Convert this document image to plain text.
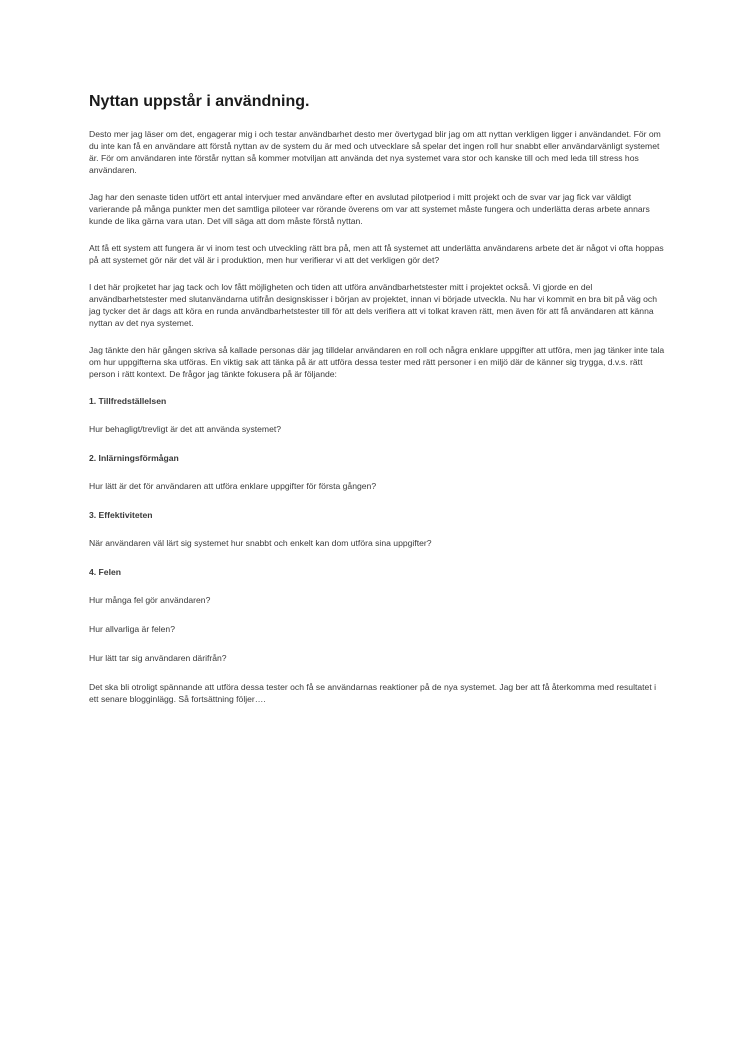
Nyttan uppstår i användning.

Desto mer jag läser om det, engagerar mig i och testar användbarhet desto mer övertygad blir jag om att nyttan verkligen ligger i användandet. För om du inte kan få en användare att förstå nyttan av de system du är med och utvecklare så spelar det ingen roll hur snabbt eller användarvänligt systemet är. För om användaren inte förstår nyttan så kommer motviljan att använda det nya systemet vara stor och kanske till och med leda till stress hos användaren.

Jag har den senaste tiden utfört ett antal intervjuer med användare efter en avslutad pilotperiod i mitt projekt och de svar var jag fick var väldigt varierande på många punkter men det samtliga piloteer var rörande överens om var att systemet måste fungera och underlätta deras arbete annars kunde de lika gärna vara utan. Det vill säga att dom måste förstå nyttan.

Att få ett system att fungera är vi inom test och utveckling rätt bra på, men att få systemet att underlätta användarens arbete det är något vi ofta hoppas på att systemet gör när det väl är i produktion, men hur verifierar vi att det verkligen gör det?

I det här projketet har jag tack och lov fått möjligheten och tiden att utföra användbarhetstester mitt i projektet också. Vi gjorde en del användbarhetstester med slutanvändarna utifrån designskisser i början av projektet, innan vi började utveckla. Nu har vi kommit en bra bit på väg och jag tycker det är dags att köra en runda användbarhetstester till för att dels verifiera att vi tolkat kraven rätt, men även för att få användaren att känna nyttan av det nya systemet.

Jag tänkte den här gången skriva så kallade personas där jag tilldelar användaren en roll och några enklare uppgifter att utföra, men jag tänker inte tala om hur uppgifterna ska utföras. En viktig sak att tänka på är att utföra dessa tester med rätt personer i en miljö där de känner sig trygga, d.v.s. rätt person i rätt kontext. De frågor jag tänkte fokusera på är följande:

1. Tillfredställelsen

Hur behagligt/trevligt är det att använda systemet?

2. Inlärningsförmågan

Hur lätt är det för användaren att utföra enklare uppgifter för första gången?

3. Effektiviteten

När användaren väl lärt sig systemet hur snabbt och enkelt kan dom utföra sina uppgifter?

4. Felen

Hur många fel gör användaren?

Hur allvarliga är felen?

Hur lätt tar sig användaren därifrån?

Det ska bli otroligt spännande att utföra dessa tester och få se användarnas reaktioner på de nya systemet. Jag ber att få återkomma med resultatet i ett senare blogginlägg. Så fortsättning följer….
